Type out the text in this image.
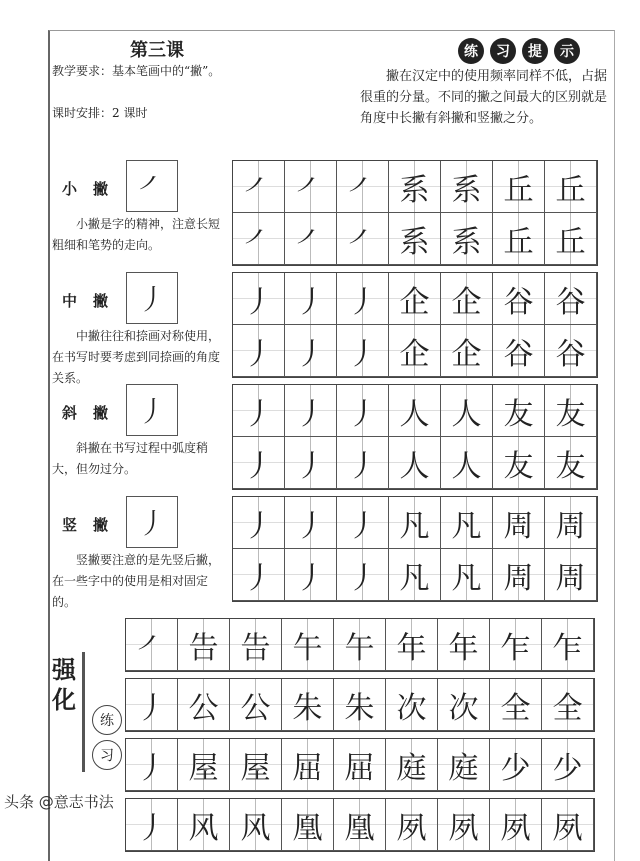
第三课
教学要求：基本笔画中的“撇”。
课时安排：2 课时
练	习	提	示
撇在汉定中的使用频率同样不低，占据很重的分量。不同的撇之间最大的区别就是角度中长撇有斜撇和竖撇之分。
小撇 ㇒
小撇是字的精神，注意长短粗细和笔势的走向。
㇒ ㇒ ㇒ 系 系 丘 丘
㇒ ㇒ ㇒ 系 系 丘 丘
中撇 丿
中撇往往和捺画对称使用，在书写时要考虑到同捺画的角度关系。
丿 丿 丿 企 企 谷 谷
丿 丿 丿 企 企 谷 谷
斜撇 丿
斜撇在书写过程中弧度稍大，但勿过分。
丿 丿 丿 人 人 友 友
丿 丿 丿 人 人 友 友
竖撇 丿
竖撇要注意的是先竖后撇，在一些字中的使用是相对固定的。
丿 丿 丿 凡 凡 周 周
丿 丿 丿 凡 凡 周 周
强化
练
习
㇒ 告 告 午 午 年 年 乍 乍
丿 公 公 朱 朱 次 次 全 全
丿 屋 屋 屈 屈 庭 庭 少 少
丿 风 风 凰 凰 夙 夙 夙 夙
头条 @意志书法
